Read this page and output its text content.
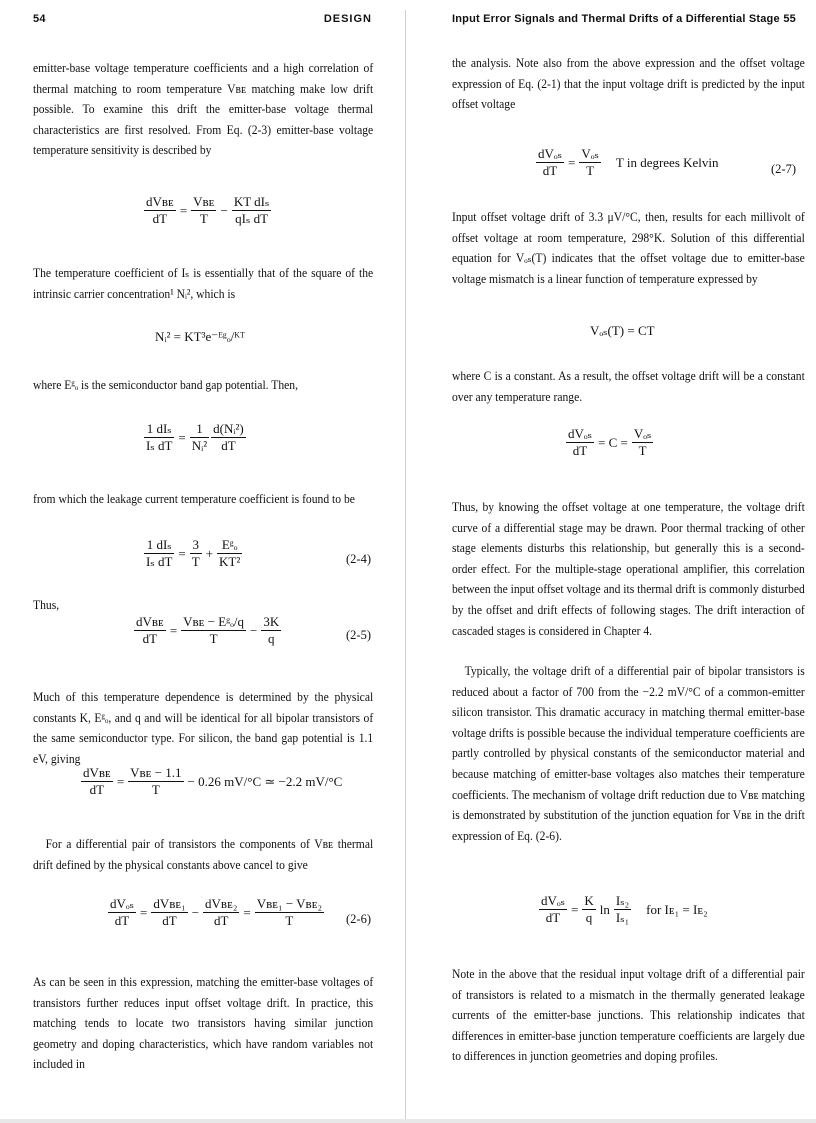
54	DESIGN
emitter-base voltage temperature coefficients and a high correlation of thermal matching to room temperature Vʙᴇ matching make low drift possible. To examine this drift the emitter-base voltage thermal characteristics are first resolved. From Eq. (2-3) emitter-base voltage temperature sensitivity is described by
$\frac{\text{dVʙᴇ}}{dT} = \frac{\text{Vʙᴇ}}{T} - \frac{\text{KT dIₛ}}{\text{qIₛ dT}}$
The temperature coefficient of Iₛ is essentially that of the square of the intrinsic carrier concentration¹ Nᵢ², which is
Nᵢ² = KT³e⁻ᴱᵍₒ/ᴷᵀ
where Eᵍₒ is the semiconductor band gap potential. Then,
$\frac{\text{1 dIₛ}}{\text{Iₛ dT}} = \frac{1}{\text{Nᵢ²}} \frac{\text{d(Nᵢ²)}}{dT}$
from which the leakage current temperature coefficient is found to be
$\frac{\text{1 dIₛ}}{\text{Iₛ dT}} = \frac{3}{T} + \frac{\text{Eᵍₒ}}{\text{KT²}}$	(2-4)
Thus,
$\frac{\text{dVʙᴇ}}{dT} = \frac{\text{Vʙᴇ − Eᵍₒ/q}}{T} - \frac{3K}{q}$	(2-5)
Much of this temperature dependence is determined by the physical constants K, Eᵍₒ, and q and will be identical for all bipolar transistors of the same semiconductor type. For silicon, the band gap potential is 1.1 eV, giving
$\frac{\text{dVʙᴇ}}{dT} = \frac{\text{Vʙᴇ − 1.1}}{T} - 0.26$ mV/°C ≃ −2.2 mV/°C
For a differential pair of transistors the components of Vʙᴇ thermal drift defined by the physical constants above cancel to give
$\frac{\text{dVₒₛ}}{dT} = \frac{\text{dVʙᴇ₁}}{dT} - \frac{\text{dVʙᴇ₂}}{dT} = \frac{\text{Vʙᴇ₁ − Vʙᴇ₂}}{T} (2-6)$
As can be seen in this expression, matching the emitter-base voltages of transistors further reduces input offset voltage drift. In practice, this matching tends to locate two transistors having similar junction geometry and doping characteristics, which have random variables not included in
Input Error Signals and Thermal Drifts of a Differential Stage 55
the analysis. Note also from the above expression and the offset voltage expression of Eq. (2-1) that the input voltage drift is predicted by the input offset voltage
$\frac{\text{dVₒₛ}}{dT} = \frac{\text{Vₒₛ}}{T}$ T in degrees Kelvin	(2-7)
Input offset voltage drift of 3.3 μV/°C, then, results for each millivolt of offset voltage at room temperature, 298°K. Solution of this differential equation for Vₒₛ(T) indicates that the offset voltage due to emitter-base voltage mismatch is a linear function of temperature expressed by
Vₒₛ(T) = CT
where C is a constant. As a result, the offset voltage drift will be a constant over any temperature range.
$\frac{\text{dVₒₛ}}{dT} = C = \frac{\text{Vₒₛ}}{T}$
Thus, by knowing the offset voltage at one temperature, the voltage drift curve of a differential stage may be drawn. Poor thermal tracking of other stage elements disturbs this relationship, but generally this is a second-order effect. For the multiple-stage operational amplifier, this correlation between the input offset voltage and its thermal drift is commonly disturbed by the offset and drift effects of following stages. The drift interaction of cascaded stages is considered in Chapter 4.
Typically, the voltage drift of a differential pair of bipolar transistors is reduced about a factor of 700 from the −2.2 mV/°C of a common-emitter silicon transistor. This dramatic accuracy in matching thermal emitter-base voltage drifts is possible because the individual temperature coefficients are partly controlled by physical constants of the semiconductor material and because matching of emitter-base voltages also matches their temperature coefficients. The mechanism of voltage drift reduction due to Vʙᴇ matching is demonstrated by substitution of the junction equation for Vʙᴇ in the drift expression of Eq. (2-6).
$\frac{\text{dVₒₛ}}{dT} = \frac{K}{q}$ $\ln \frac{\text{Iₛ₂}}{\text{Iₛ₁}}$ for Iᴇ₁ = Iᴇ₂
Note in the above that the residual input voltage drift of a differential pair of transistors is related to a mismatch in the thermally generated leakage currents of the emitter-base junctions. This relationship indicates that differences in emitter-base junction temperature coefficients are largely due to differences in junction geometries and doping profiles.
